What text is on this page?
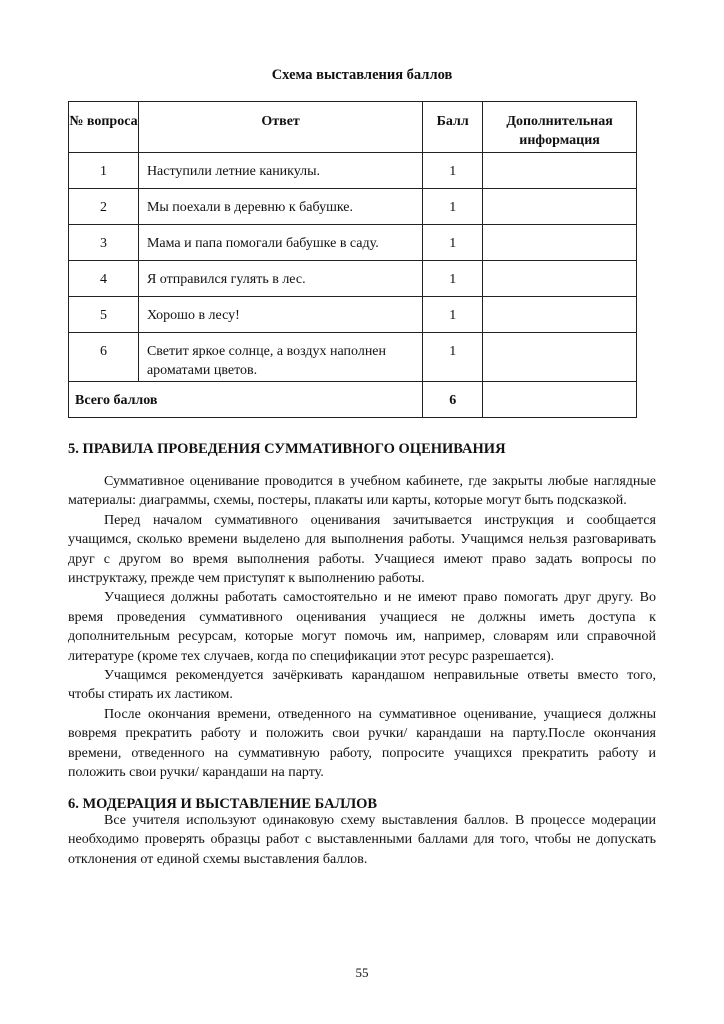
Схема выставления баллов
№ вопроса	Ответ	Балл	Дополнительная информация
1	Наступили летние каникулы.	1	
2	Мы поехали в деревню к бабушке.	1	
3	Мама и папа помогали бабушке в саду.	1	
4	Я отправился гулять в лес.	1	
5	Хорошо в лесу!	1	
6	Светит яркое солнце, а воздух наполнен ароматами цветов.	1	
Всего баллов		6	
5. ПРАВИЛА ПРОВЕДЕНИЯ СУММАТИВНОГО ОЦЕНИВАНИЯ

Суммативное оценивание проводится в учебном кабинете, где закрыты любые наглядные материалы: диаграммы, схемы, постеры, плакаты или карты, которые могут быть подсказкой.

Перед началом суммативного оценивания зачитывается инструкция и сообщается учащимся, сколько времени выделено для выполнения работы. Учащимся нельзя разговаривать друг с другом во время выполнения работы. Учащиеся имеют право задать вопросы по инструктажу, прежде чем приступят к выполнению работы.

Учащиеся должны работать самостоятельно и не имеют право помогать друг другу. Во время проведения суммативного оценивания учащиеся не должны иметь доступа к дополнительным ресурсам, которые могут помочь им, например, словарям или справочной литературе (кроме тех случаев, когда по спецификации этот ресурс разрешается).

Учащимся рекомендуется зачёркивать карандашом неправильные ответы вместо того, чтобы стирать их ластиком.

После окончания времени, отведенного на суммативное оценивание, учащиеся должны вовремя прекратить работу и положить свои ручки/ карандаши на парту.После окончания времени, отведенного на суммативную работу, попросите учащихся прекратить работу и положить свои ручки/ карандаши на парту.

6. МОДЕРАЦИЯ И ВЫСТАВЛЕНИЕ БАЛЛОВ

Все учителя используют одинаковую схему выставления баллов. В процессе модерации необходимо проверять образцы работ с выставленными баллами для того, чтобы не допускать отклонения от единой схемы выставления баллов.

55
